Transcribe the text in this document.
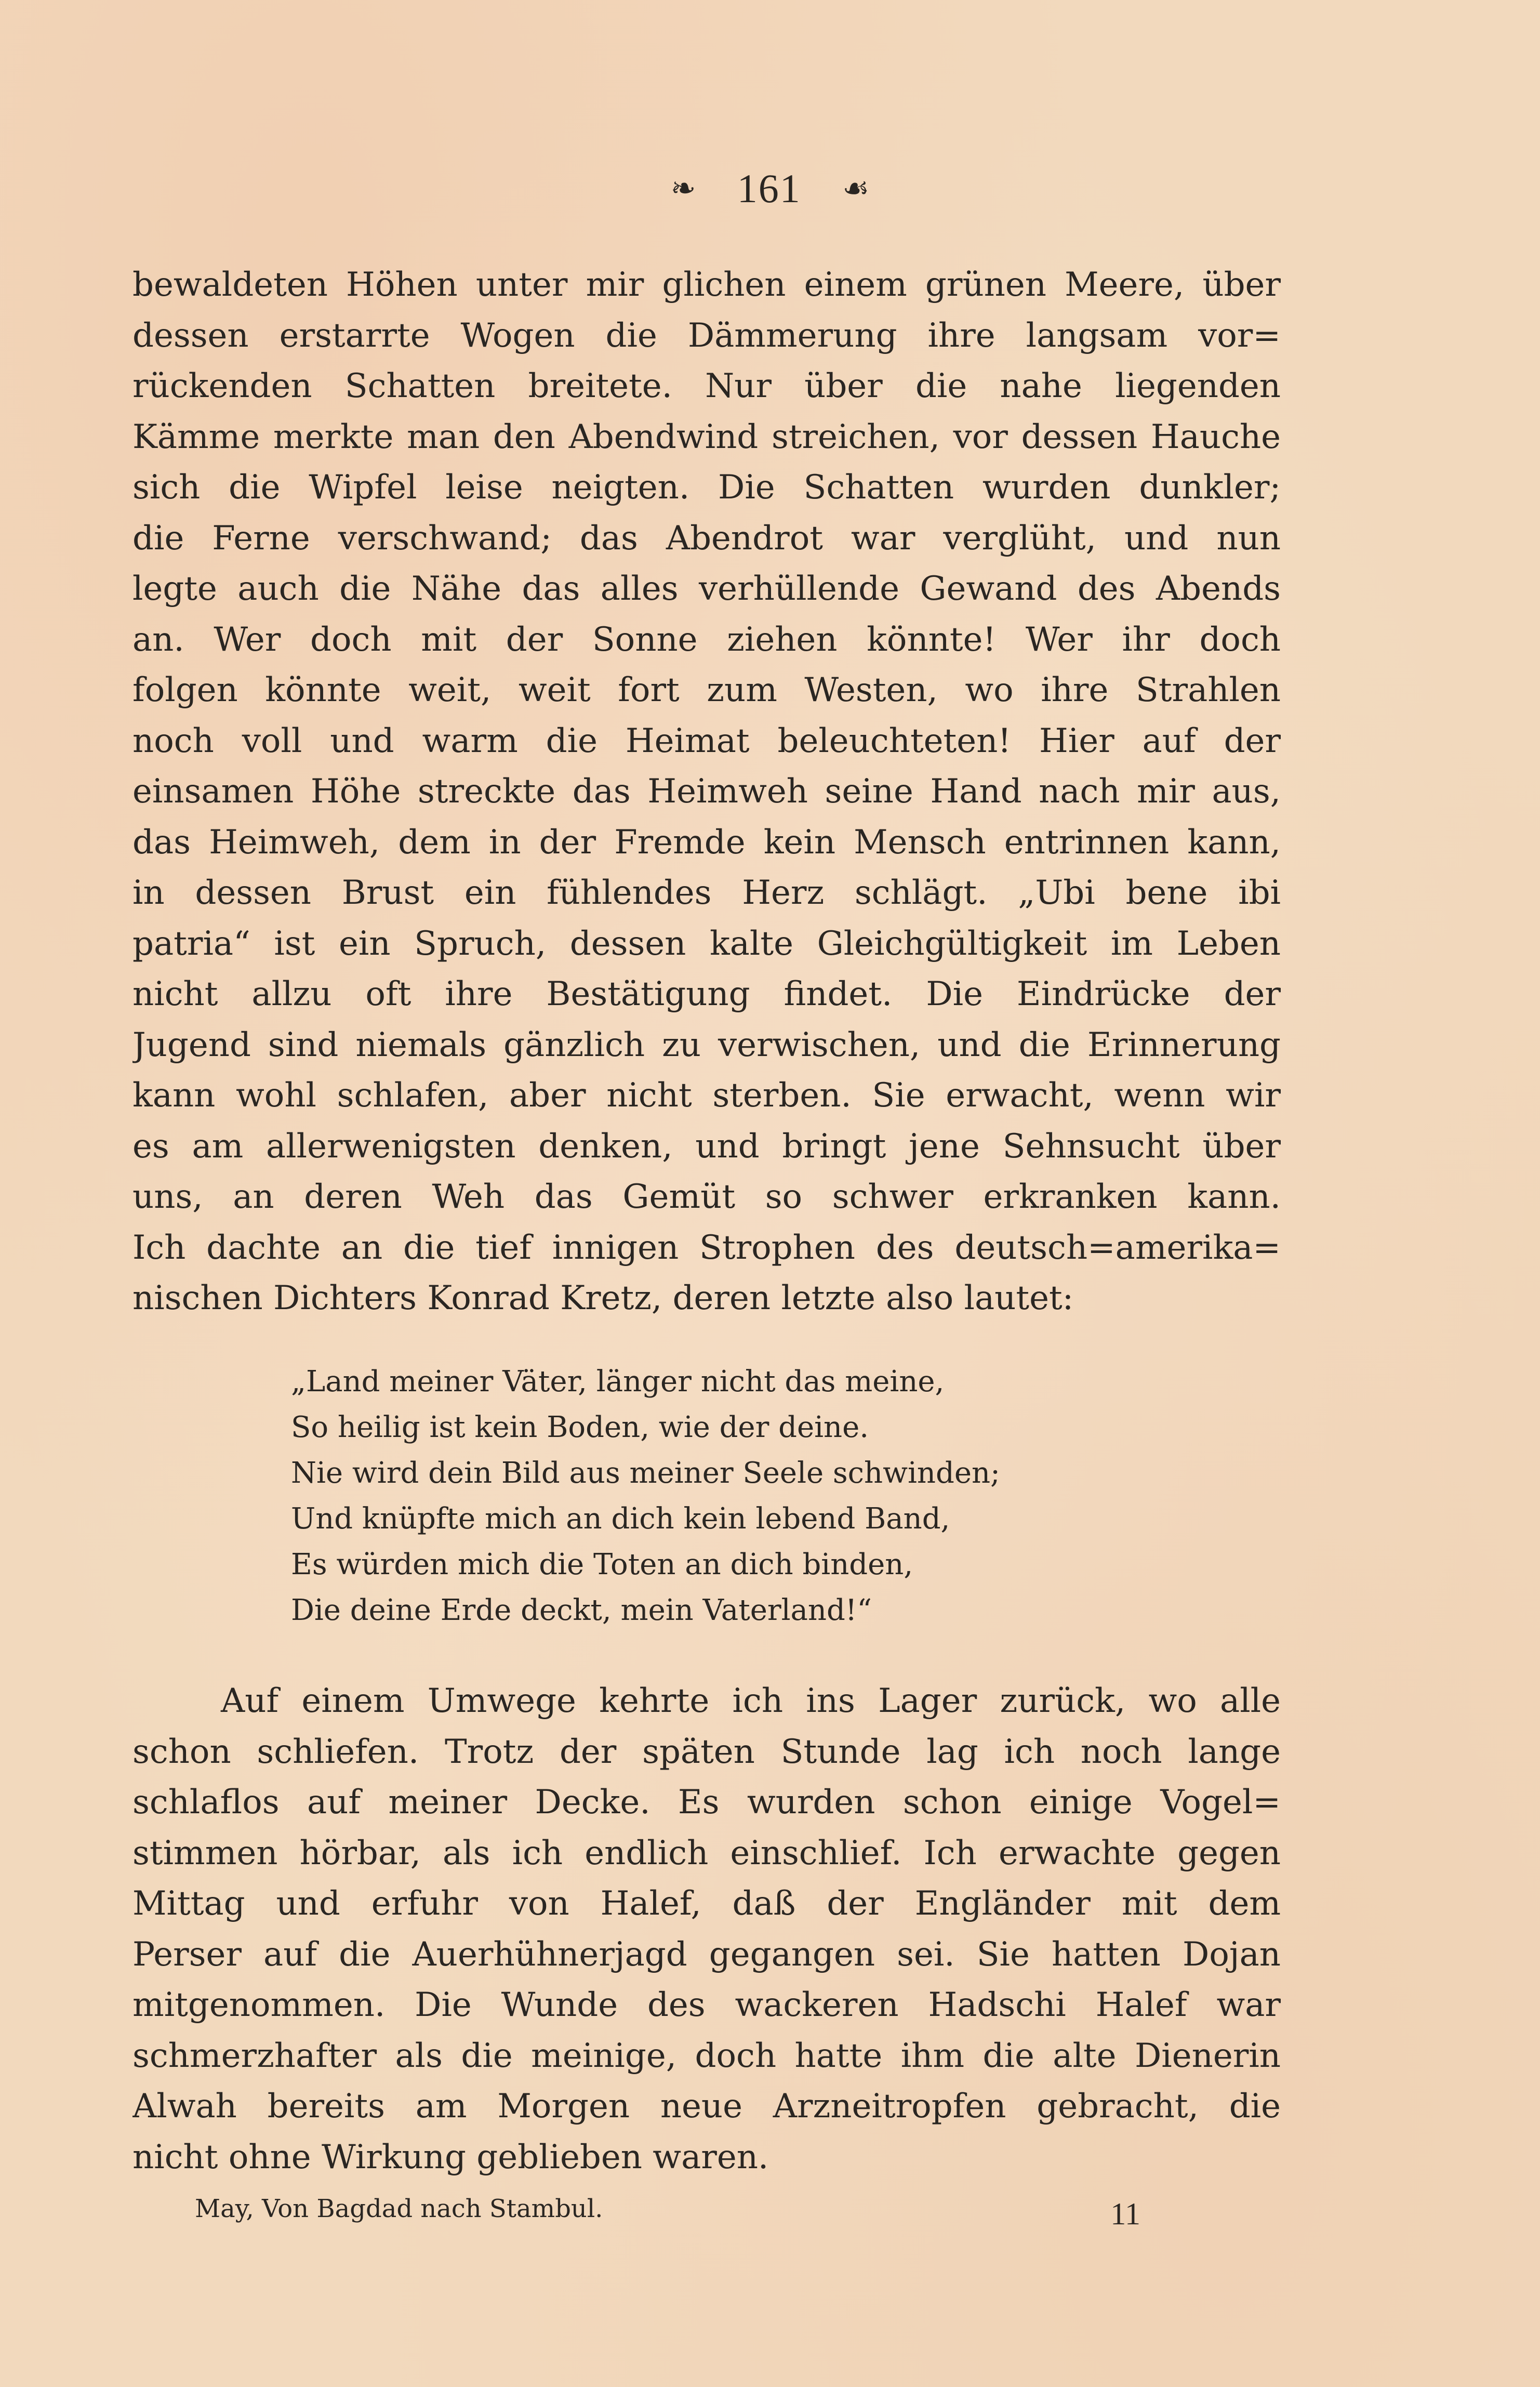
❧ 161 ☙
bewaldeten Höhen unter mir glichen einem grünen Meere, über
dessen erstarrte Wogen die Dämmerung ihre langsam vor=
rückenden Schatten breitete. Nur über die nahe liegenden
Kämme merkte man den Abendwind streichen, vor dessen Hauche
sich die Wipfel leise neigten. Die Schatten wurden dunkler;
die Ferne verschwand; das Abendrot war verglüht, und nun
legte auch die Nähe das alles verhüllende Gewand des Abends
an. Wer doch mit der Sonne ziehen könnte! Wer ihr doch
folgen könnte weit, weit fort zum Westen, wo ihre Strahlen
noch voll und warm die Heimat beleuchteten! Hier auf der
einsamen Höhe streckte das Heimweh seine Hand nach mir aus,
das Heimweh, dem in der Fremde kein Mensch entrinnen kann,
in dessen Brust ein fühlendes Herz schlägt. „Ubi bene ibi
patria“ ist ein Spruch, dessen kalte Gleichgültigkeit im Leben
nicht allzu oft ihre Bestätigung findet. Die Eindrücke der
Jugend sind niemals gänzlich zu verwischen, und die Erinnerung
kann wohl schlafen, aber nicht sterben. Sie erwacht, wenn wir
es am allerwenigsten denken, und bringt jene Sehnsucht über
uns, an deren Weh das Gemüt so schwer erkranken kann.
Ich dachte an die tief innigen Strophen des deutsch=amerika=
nischen Dichters Konrad Kretz, deren letzte also lautet:
„Land meiner Väter, länger nicht das meine,
So heilig ist kein Boden, wie der deine.
Nie wird dein Bild aus meiner Seele schwinden;
Und knüpfte mich an dich kein lebend Band,
Es würden mich die Toten an dich binden,
Die deine Erde deckt, mein Vaterland!“
Auf einem Umwege kehrte ich ins Lager zurück, wo alle
schon schliefen. Trotz der späten Stunde lag ich noch lange
schlaflos auf meiner Decke. Es wurden schon einige Vogel=
stimmen hörbar, als ich endlich einschlief. Ich erwachte gegen
Mittag und erfuhr von Halef, daß der Engländer mit dem
Perser auf die Auerhühnerjagd gegangen sei. Sie hatten Dojan
mitgenommen. Die Wunde des wackeren Hadschi Halef war
schmerzhafter als die meinige, doch hatte ihm die alte Dienerin
Alwah bereits am Morgen neue Arzneitropfen gebracht, die
nicht ohne Wirkung geblieben waren.
May, Von Bagdad nach Stambul.	11
